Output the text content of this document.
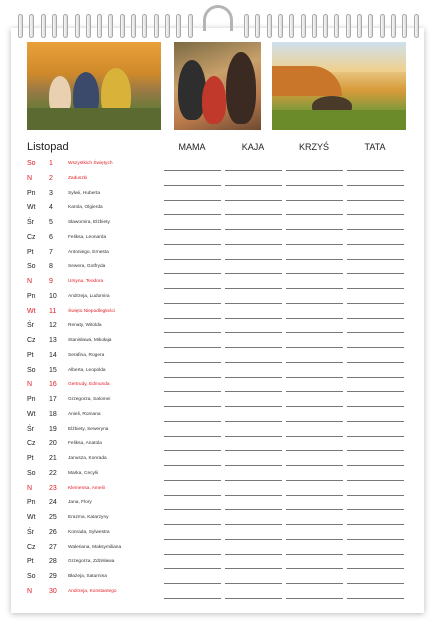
Listopad	MAMA	KAJA	KRZYŚ	TATA
So 1	Wszystkich Świętych
N 2	Zaduszki
Pn 3	Sylwii, Huberta
Wt 4	Karola, Olgierda
Śr 5	Sławomira, Elżbiety
Cz 6	Feliksa, Leonarda
Pt 7	Antoniego, Ernesta
So 8	Sewera, Gotfryda
N 9	Ursyna, Teodora
Pn 10 Andrzeja, Ludomira
Wt 11 Święto Niepodległości
Śr 12 Renaty, Witolda
Cz 13 Stanisława, Mikołaja
Pt 14 Serafina, Rogera
So 15 Alberta, Leopolda
N 16 Gertrudy, Edmunda
Pn 17 Grzegorza, Salomei
Wt 18 Anieli, Romana
Śr 19 Elżbiety, Seweryna
Cz 20 Feliksa, Anatola
Pt 21 Janusza, Konrada
So 22 Marka, Cecylii
N 23 Klemensa, Amelii
Pn 24 Jana, Flory
Wt 25 Erazma, Katarzyny
Śr 26 Konrada, Sylwestra
Cz 27 Waleriana, Maksymiliana
Pt 28 Grzegorza, Zdzisława
So 29 Błażeja, Saturnina
N 30 Andrzeja, Konstantego
